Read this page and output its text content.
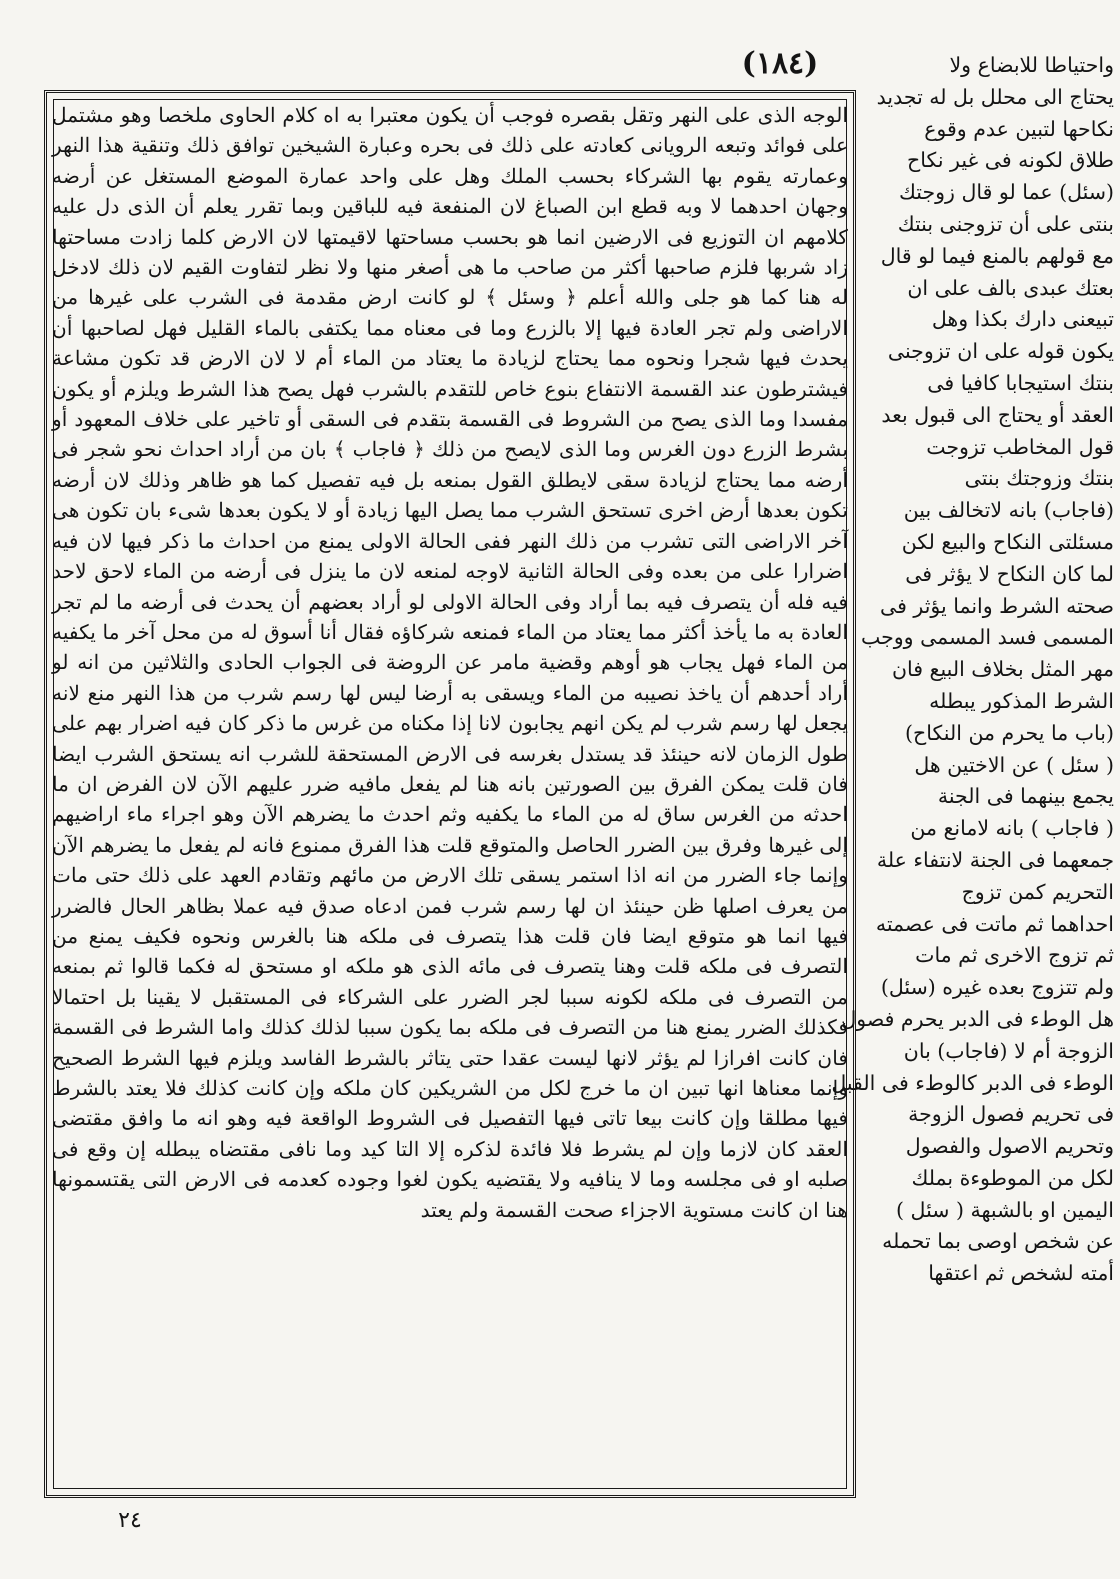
(١٨٤)

الوجه الذى على النهر وتقل بقصره فوجب أن يكون معتبرا به اه كلام الحاوى ملخصا وهو مشتمل على فوائد وتبعه الرويانى كعادته على ذلك فى بحره وعبارة الشيخين توافق ذلك وتنقية هذا النهر وعمارته يقوم بها الشركاء بحسب الملك وهل على واحد عمارة الموضع المستغل عن أرضه وجهان احدهما لا وبه قطع ابن الصباغ لان المنفعة فيه للباقين وبما تقرر يعلم أن الذى دل عليه كلامهم ان التوزيع فى الارضين انما هو بحسب مساحتها لاقيمتها لان الارض كلما زادت مساحتها زاد شربها فلزم صاحبها أكثر من صاحب ما هى أصغر منها ولا نظر لتفاوت القيم لان ذلك لادخل له هنا كما هو جلى والله أعلم ﴿ وسئل ﴾ لو كانت ارض مقدمة فى الشرب على غيرها من الاراضى ولم تجر العادة فيها إلا بالزرع وما فى معناه مما يكتفى بالماء القليل فهل لصاحبها أن يحدث فيها شجرا ونحوه مما يحتاج لزيادة ما يعتاد من الماء أم لا لان الارض قد تكون مشاعة فيشترطون عند القسمة الانتفاع بنوع خاص للتقدم بالشرب فهل يصح هذا الشرط ويلزم أو يكون مفسدا وما الذى يصح من الشروط فى القسمة بتقدم فى السقى أو تاخير على خلاف المعهود أو بشرط الزرع دون الغرس وما الذى لايصح من ذلك ﴿ فاجاب ﴾ بان من أراد احداث نحو شجر فى أرضه مما يحتاج لزيادة سقى لايطلق القول بمنعه بل فيه تفصيل كما هو ظاهر وذلك لان أرضه تكون بعدها أرض اخرى تستحق الشرب مما يصل اليها زيادة أو لا يكون بعدها شىء بان تكون هى آخر الاراضى التى تشرب من ذلك النهر ففى الحالة الاولى يمنع من احداث ما ذكر فيها لان فيه اضرارا على من بعده وفى الحالة الثانية لاوجه لمنعه لان ما ينزل فى أرضه من الماء لاحق لاحد فيه فله أن يتصرف فيه بما أراد وفى الحالة الاولى لو أراد بعضهم أن يحدث فى أرضه ما لم تجر العادة به ما يأخذ أكثر مما يعتاد من الماء فمنعه شركاؤه فقال أنا أسوق له من محل آخر ما يكفيه من الماء فهل يجاب هو أوهم وقضية مامر عن الروضة فى الجواب الحادى والثلاثين من انه لو أراد أحدهم أن ياخذ نصيبه من الماء ويسقى به أرضا ليس لها رسم شرب من هذا النهر منع لانه يجعل لها رسم شرب لم يكن انهم يجابون لانا إذا مكناه من غرس ما ذكر كان فيه اضرار بهم على طول الزمان لانه حينئذ قد يستدل بغرسه فى الارض المستحقة للشرب انه يستحق الشرب ايضا فان قلت يمكن الفرق بين الصورتين بانه هنا لم يفعل مافيه ضرر عليهم الآن لان الفرض ان ما احدثه من الغرس ساق له من الماء ما يكفيه وثم احدث ما يضرهم الآن وهو اجراء ماء اراضيهم إلى غيرها وفرق بين الضرر الحاصل والمتوقع قلت هذا الفرق ممنوع فانه لم يفعل ما يضرهم الآن وإنما جاء الضرر من انه اذا استمر يسقى تلك الارض من مائهم وتقادم العهد على ذلك حتى مات من يعرف اصلها ظن حينئذ ان لها رسم شرب فمن ادعاه صدق فيه عملا بظاهر الحال فالضرر فيها انما هو متوقع ايضا فان قلت هذا يتصرف فى ملكه هنا بالغرس ونحوه فكيف يمنع من التصرف فى ملكه قلت وهنا يتصرف فى مائه الذى هو ملكه او مستحق له فكما قالوا ثم بمنعه من التصرف فى ملكه لكونه سببا لجر الضرر على الشركاء فى المستقبل لا يقينا بل احتمالا فكذلك الضرر يمنع هنا من التصرف فى ملكه بما يكون سببا لذلك كذلك واما الشرط فى القسمة فان كانت افرازا لم يؤثر لانها ليست عقدا حتى يتاثر بالشرط الفاسد ويلزم فيها الشرط الصحيح وإنما معناها انها تبين ان ما خرج لكل من الشريكين كان ملكه وإن كانت كذلك فلا يعتد بالشرط فيها مطلقا وإن كانت بيعا تاتى فيها التفصيل فى الشروط الواقعة فيه وهو انه ما وافق مقتضى العقد كان لازما وإن لم يشرط فلا فائدة لذكره إلا التا كيد وما نافى مقتضاه يبطله إن وقع فى صلبه او فى مجلسه وما لا ينافيه ولا يقتضيه يكون لغوا وجوده كعدمه فى الارض التى يقتسمونها هنا ان كانت مستوية الاجزاء صحت القسمة ولم يعتد

واحتياطا للابضاع ولا
يحتاج الى محلل بل له تجديد
نكاحها لتبين عدم وقوع
طلاق لكونه فى غير نكاح
(سئل) عما لو قال زوجتك
بنتى على أن تزوجنى بنتك
مع قولهم بالمنع فيما لو قال
بعتك عبدى بالف على ان
تبيعنى دارك بكذا وهل
يكون قوله على ان تزوجنى
بنتك استيجابا كافيا فى
العقد أو يحتاج الى قبول بعد
قول المخاطب تزوجت
بنتك وزوجتك بنتى
(فاجاب) بانه لاتخالف بين
مسئلتى النكاح والبيع لكن
لما كان النكاح لا يؤثر فى
صحته الشرط وانما يؤثر فى
المسمى فسد المسمى ووجب
مهر المثل بخلاف البيع فان
الشرط المذكور يبطله
(باب ما يحرم من النكاح)
( سئل ) عن الاختين هل
يجمع بينهما فى الجنة
( فاجاب ) بانه لامانع من
جمعهما فى الجنة لانتفاء علة
التحريم كمن تزوج
احداهما ثم ماتت فى عصمته
ثم تزوج الاخرى ثم مات
ولم تتزوج بعده غيره (سئل)
هل الوطء فى الدبر يحرم فصول
الزوجة أم لا (فاجاب) بان
الوطء فى الدبر كالوطء فى القبل
فى تحريم فصول الزوجة
وتحريم الاصول والفصول
لكل من الموطوءة بملك
اليمين او بالشبهة ( سئل )
عن شخص اوصى بما تحمله
أمته لشخص ثم اعتقها
٢٤
